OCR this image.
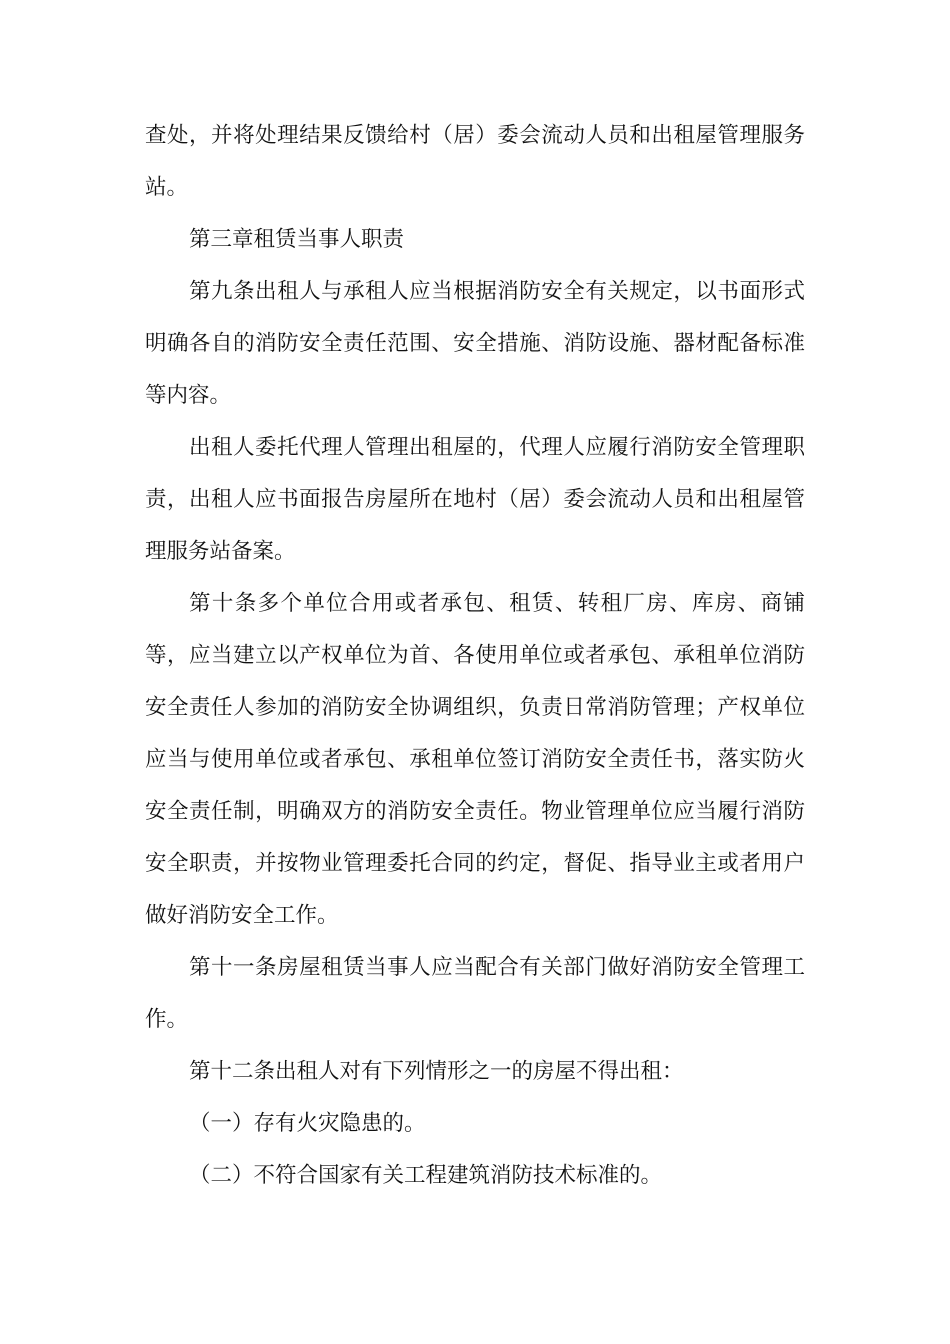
查处，并将处理结果反馈给村（居）委会流动人员和出租屋管理服务站。

第三章租赁当事人职责

第九条出租人与承租人应当根据消防安全有关规定，以书面形式明确各自的消防安全责任范围、安全措施、消防设施、器材配备标准等内容。

出租人委托代理人管理出租屋的，代理人应履行消防安全管理职责，出租人应书面报告房屋所在地村（居）委会流动人员和出租屋管理服务站备案。

第十条多个单位合用或者承包、租赁、转租厂房、库房、商铺等，应当建立以产权单位为首、各使用单位或者承包、承租单位消防安全责任人参加的消防安全协调组织，负责日常消防管理；产权单位应当与使用单位或者承包、承租单位签订消防安全责任书，落实防火安全责任制，明确双方的消防安全责任。物业管理单位应当履行消防安全职责，并按物业管理委托合同的约定，督促、指导业主或者用户做好消防安全工作。

第十一条房屋租赁当事人应当配合有关部门做好消防安全管理工作。

第十二条出租人对有下列情形之一的房屋不得出租：

（一）存有火灾隐患的。

（二）不符合国家有关工程建筑消防技术标准的。
